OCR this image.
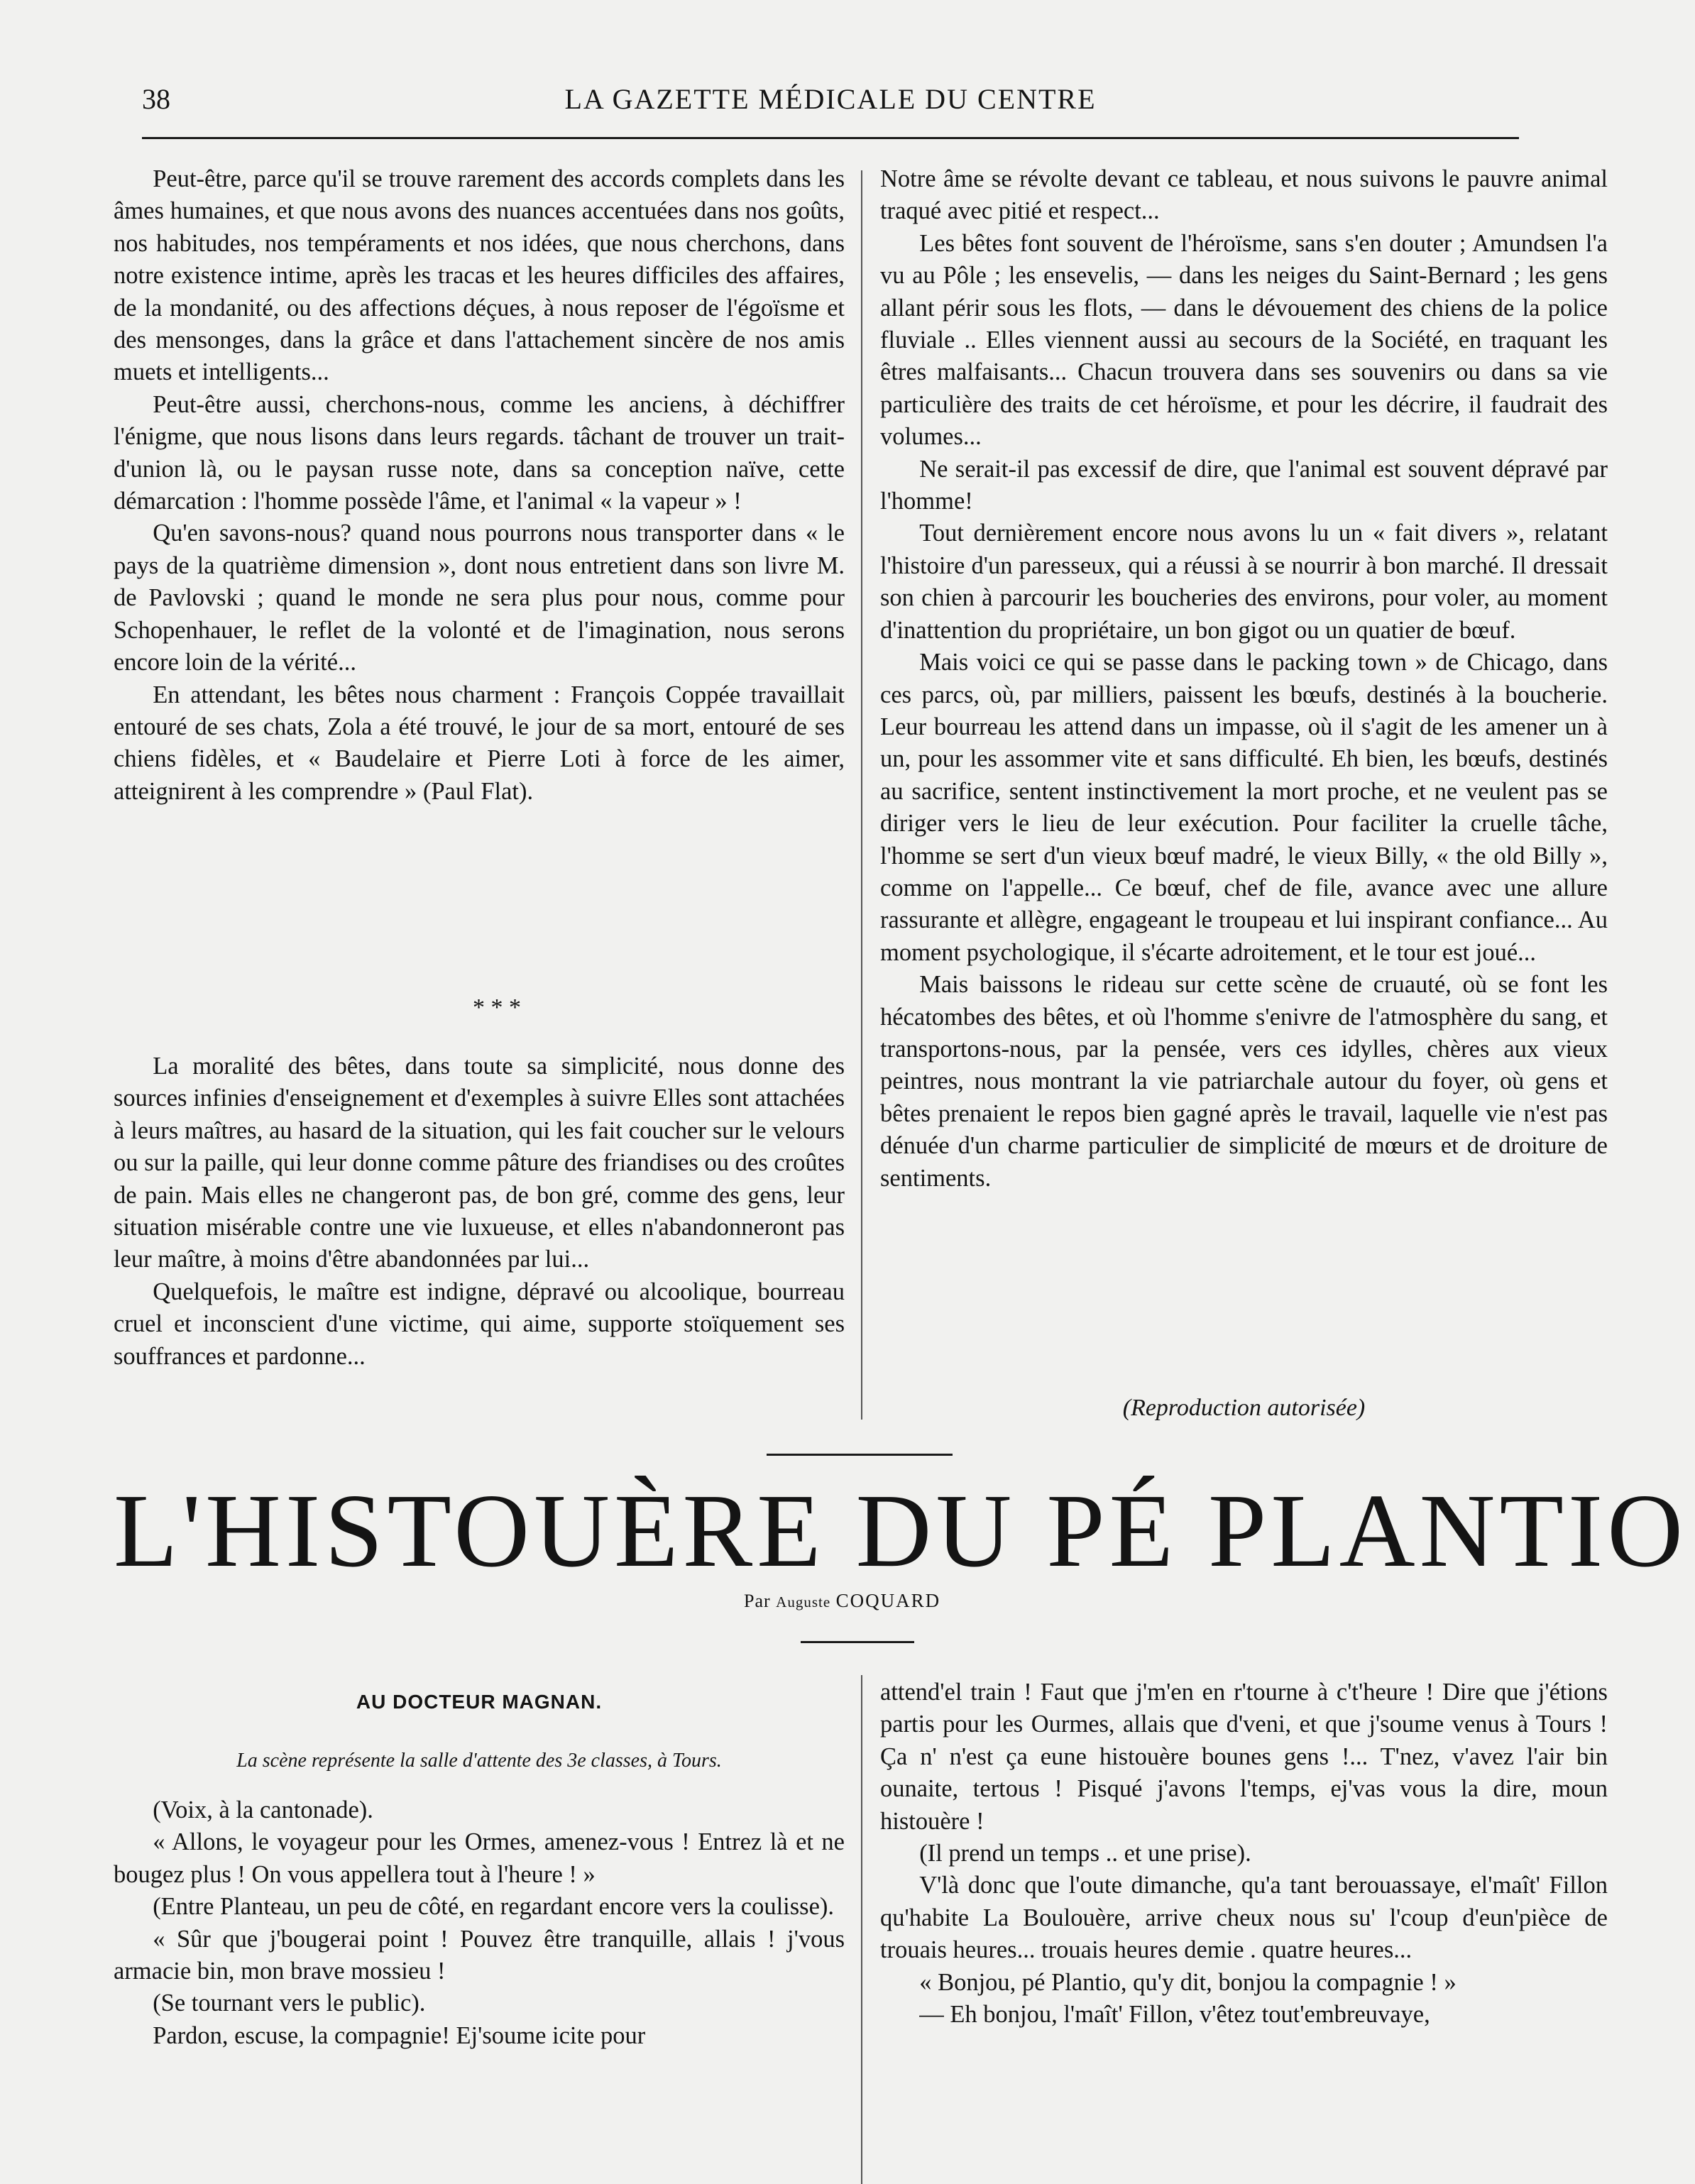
38	LA GAZETTE MÉDICALE DU CENTRE

Peut-être, parce qu'il se trouve rarement des accords complets dans les âmes humaines, et que nous avons des nuances accentuées dans nos goûts, nos habitudes, nos tempéraments et nos idées, que nous cherchons, dans notre existence intime, après les tracas et les heures difficiles des affaires, de la mondanité, ou des affections déçues, à nous reposer de l'égoïsme et des mensonges, dans la grâce et dans l'attachement sincère de nos amis muets et intelligents...

Peut-être aussi, cherchons-nous, comme les anciens, à déchiffrer l'énigme, que nous lisons dans leurs regards. tâchant de trouver un trait-d'union là, ou le paysan russe note, dans sa conception naïve, cette démarcation : l'homme possède l'âme, et l'animal « la vapeur » !

Qu'en savons-nous? quand nous pourrons nous transporter dans « le pays de la quatrième dimension », dont nous entretient dans son livre M. de Pavlovski ; quand le monde ne sera plus pour nous, comme pour Schopenhauer, le reflet de la volonté et de l'imagination, nous serons encore loin de la vérité...

En attendant, les bêtes nous charment : François Coppée travaillait entouré de ses chats, Zola a été trouvé, le jour de sa mort, entouré de ses chiens fidèles, et « Baudelaire et Pierre Loti à force de les aimer, atteignirent à les comprendre » (Paul Flat).

* * *

La moralité des bêtes, dans toute sa simplicité, nous donne des sources infinies d'enseignement et d'exemples à suivre Elles sont attachées à leurs maîtres, au hasard de la situation, qui les fait coucher sur le velours ou sur la paille, qui leur donne comme pâture des friandises ou des croûtes de pain. Mais elles ne changeront pas, de bon gré, comme des gens, leur situation misérable contre une vie luxueuse, et elles n'abandonneront pas leur maître, à moins d'être abandonnées par lui...

Quelquefois, le maître est indigne, dépravé ou alcoolique, bourreau cruel et inconscient d'une victime, qui aime, supporte stoïquement ses souffrances et pardonne...

Notre âme se révolte devant ce tableau, et nous suivons le pauvre animal traqué avec pitié et respect...

Les bêtes font souvent de l'héroïsme, sans s'en douter ; Amundsen l'a vu au Pôle ; les ensevelis, — dans les neiges du Saint-Bernard ; les gens allant périr sous les flots, — dans le dévouement des chiens de la police fluviale .. Elles viennent aussi au secours de la Société, en traquant les êtres malfaisants... Chacun trouvera dans ses souvenirs ou dans sa vie particulière des traits de cet héroïsme, et pour les décrire, il faudrait des volumes...

Ne serait-il pas excessif de dire, que l'animal est souvent dépravé par l'homme!

Tout dernièrement encore nous avons lu un « fait divers », relatant l'histoire d'un paresseux, qui a réussi à se nourrir à bon marché. Il dressait son chien à parcourir les boucheries des environs, pour voler, au moment d'inattention du propriétaire, un bon gigot ou un quatier de bœuf.

Mais voici ce qui se passe dans le packing town » de Chicago, dans ces parcs, où, par milliers, paissent les bœufs, destinés à la boucherie. Leur bourreau les attend dans un impasse, où il s'agit de les amener un à un, pour les assommer vite et sans difficulté. Eh bien, les bœufs, destinés au sacrifice, sentent instinctivement la mort proche, et ne veulent pas se diriger vers le lieu de leur exécution. Pour faciliter la cruelle tâche, l'homme se sert d'un vieux bœuf madré, le vieux Billy, « the old Billy », comme on l'appelle... Ce bœuf, chef de file, avance avec une allure rassurante et allègre, engageant le troupeau et lui inspirant confiance... Au moment psychologique, il s'écarte adroitement, et le tour est joué...

Mais baissons le rideau sur cette scène de cruauté, où se font les hécatombes des bêtes, et où l'homme s'enivre de l'atmosphère du sang, et transportons-nous, par la pensée, vers ces idylles, chères aux vieux peintres, nous montrant la vie patriarchale autour du foyer, où gens et bêtes prenaient le repos bien gagné après le travail, laquelle vie n'est pas dénuée d'un charme particulier de simplicité de mœurs et de droiture de sentiments.

(Reproduction autorisée)
L'HISTOUÈRE DU PÉ PLANTIO
Par Auguste COQUARD
AU DOCTEUR MAGNAN.
La scène représente la salle d'attente des 3e classes, à Tours.

(Voix, à la cantonade).

« Allons, le voyageur pour les Ormes, amenez-vous ! Entrez là et ne bougez plus ! On vous appellera tout à l'heure ! »

(Entre Planteau, un peu de côté, en regardant encore vers la coulisse).

« Sûr que j'bougerai point ! Pouvez être tranquille, allais ! j'vous armacie bin, mon brave mossieu !

(Se tournant vers le public).

Pardon, escuse, la compagnie! Ej'soume icite pour

attend'el train ! Faut que j'm'en en r'tourne à c't'heure ! Dire que j'étions partis pour les Ourmes, allais que d'veni, et que j'soume venus à Tours ! Ça n' n'est ça eune histouère bounes gens !... T'nez, v'avez l'air bin ounaite, tertous ! Pisqué j'avons l'temps, ej'vas vous la dire, moun histouère !

(Il prend un temps .. et une prise).

V'là donc que l'oute dimanche, qu'a tant berouassaye, el'maît' Fillon qu'habite La Boulouère, arrive cheux nous su' l'coup d'eun'pièce de trouais heures... trouais heures demie . quatre heures...

« Bonjou, pé Plantio, qu'y dit, bonjou la compagnie ! »

— Eh bonjou, l'maît' Fillon, v'êtez tout'embreuvaye,
